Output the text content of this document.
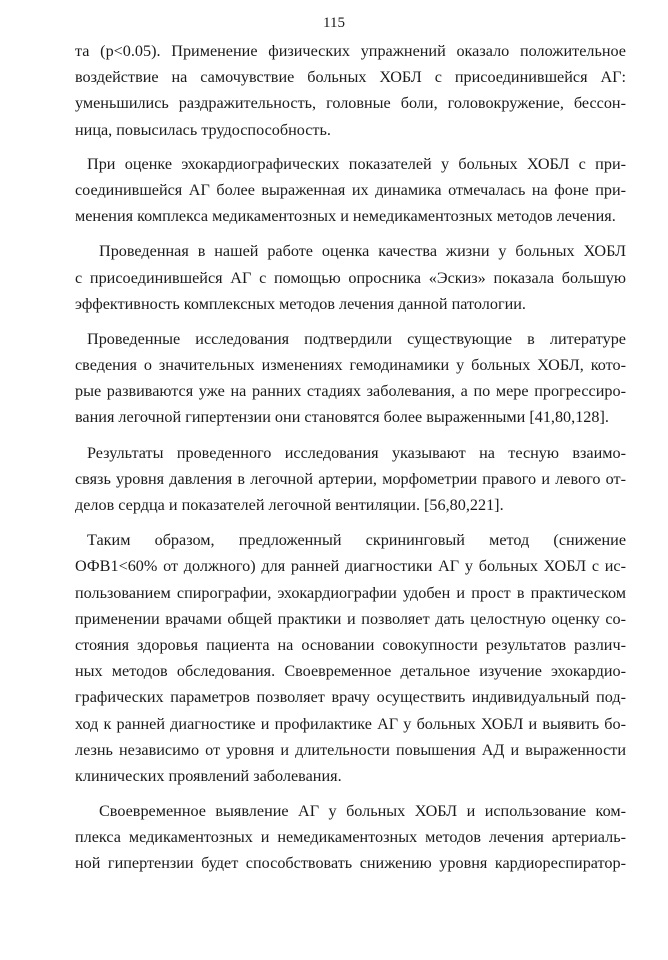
115
та (р<0.05). Применение физических упражнений оказало положительное
воздействие на самочувствие больных ХОБЛ с присоединившейся АГ:
уменьшились раздражительность, головные боли, головокружение, бессон-
ница, повысилась трудоспособность.
При оценке эхокардиографических показателей у больных ХОБЛ с при-
соединившейся АГ более выраженная их динамика отмечалась на фоне при-
менения комплекса медикаментозных и немедикаментозных методов лечения.
Проведенная в нашей работе оценка качества жизни у больных ХОБЛ
с присоединившейся АГ с помощью опросника «Эскиз» показала большую
эффективность комплексных методов лечения данной патологии.
Проведенные исследования подтвердили существующие в литературе
сведения о значительных изменениях гемодинамики у больных ХОБЛ, кото-
рые развиваются уже на ранних стадиях заболевания, а по мере прогрессиро-
вания легочной гипертензии они становятся более выраженными [41,80,128].
Результаты проведенного исследования указывают на тесную взаимо-
связь уровня давления в легочной артерии, морфометрии правого и левого от-
делов сердца и показателей легочной вентиляции. [56,80,221].
Таким образом, предложенный скрининговый метод (снижение
ОФВ1<60% от должного) для ранней диагностики АГ у больных ХОБЛ с ис-
пользованием спирографии, эхокардиографии удобен и прост в практическом
применении врачами общей практики и позволяет дать целостную оценку со-
стояния здоровья пациента на основании совокупности результатов различ-
ных методов обследования. Своевременное детальное изучение эхокардио-
графических параметров позволяет врачу осуществить индивидуальный под-
ход к ранней диагностике и профилактике АГ у больных ХОБЛ и выявить бо-
лезнь независимо от уровня и длительности повышения АД и выраженности
клинических проявлений заболевания.
Своевременное выявление АГ у больных ХОБЛ и использование ком-
плекса медикаментозных и немедикаментозных методов лечения артериаль-
ной гипертензии будет способствовать снижению уровня кардиореспиратор-
